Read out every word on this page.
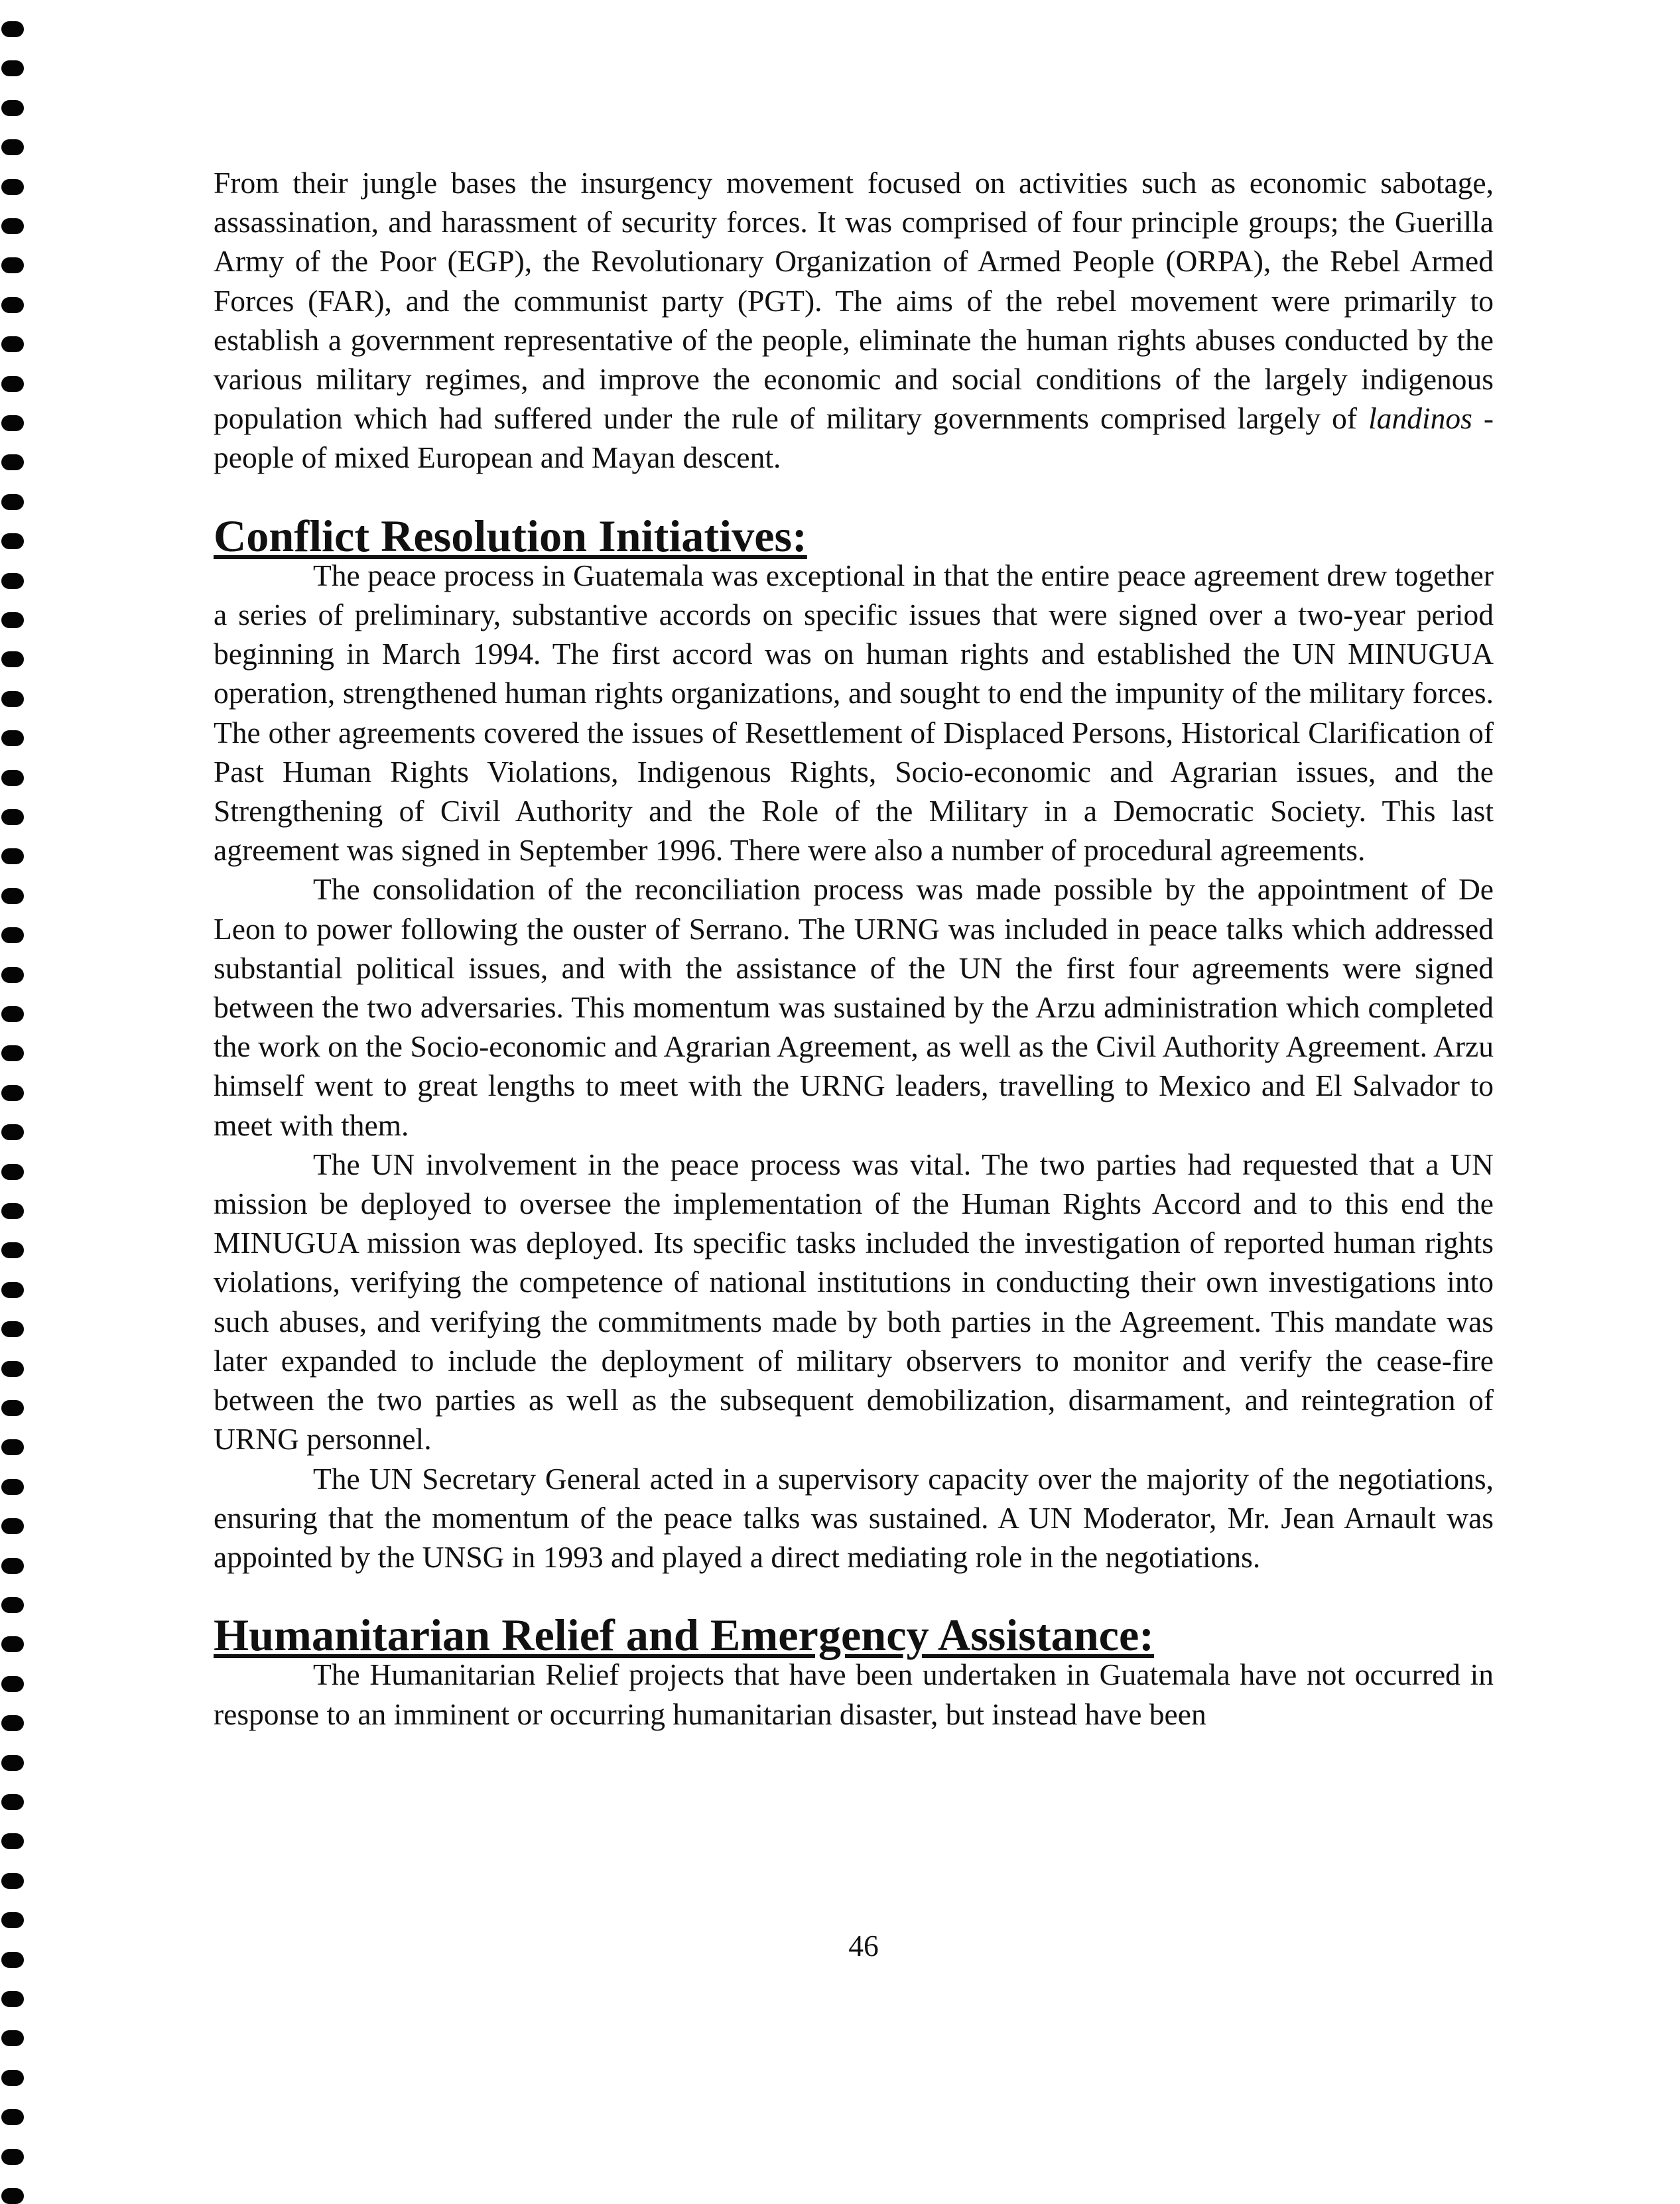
From their jungle bases the insurgency movement focused on activities such as economic sabotage, assassination, and harassment of security forces. It was comprised of four principle groups; the Guerilla Army of the Poor (EGP), the Revolutionary Organization of Armed People (ORPA), the Rebel Armed Forces (FAR), and the communist party (PGT). The aims of the rebel movement were primarily to establish a government representative of the people, eliminate the human rights abuses conducted by the various military regimes, and improve the economic and social conditions of the largely indigenous population which had suffered under the rule of military governments comprised largely of landinos - people of mixed European and Mayan descent.

Conflict Resolution Initiatives:

The peace process in Guatemala was exceptional in that the entire peace agreement drew together a series of preliminary, substantive accords on specific issues that were signed over a two-year period beginning in March 1994. The first accord was on human rights and established the UN MINUGUA operation, strengthened human rights organizations, and sought to end the impunity of the military forces. The other agreements covered the issues of Resettlement of Displaced Persons, Historical Clarification of Past Human Rights Violations, Indigenous Rights, Socio-economic and Agrarian issues, and the Strengthening of Civil Authority and the Role of the Military in a Democratic Society. This last agreement was signed in September 1996. There were also a number of procedural agreements.

The consolidation of the reconciliation process was made possible by the appointment of De Leon to power following the ouster of Serrano. The URNG was included in peace talks which addressed substantial political issues, and with the assistance of the UN the first four agreements were signed between the two adversaries. This momentum was sustained by the Arzu administration which completed the work on the Socio-economic and Agrarian Agreement, as well as the Civil Authority Agreement. Arzu himself went to great lengths to meet with the URNG leaders, travelling to Mexico and El Salvador to meet with them.

The UN involvement in the peace process was vital. The two parties had requested that a UN mission be deployed to oversee the implementation of the Human Rights Accord and to this end the MINUGUA mission was deployed. Its specific tasks included the investigation of reported human rights violations, verifying the competence of national institutions in conducting their own investigations into such abuses, and verifying the commitments made by both parties in the Agreement. This mandate was later expanded to include the deployment of military observers to monitor and verify the cease-fire between the two parties as well as the subsequent demobilization, disarmament, and reintegration of URNG personnel.

The UN Secretary General acted in a supervisory capacity over the majority of the negotiations, ensuring that the momentum of the peace talks was sustained. A UN Moderator, Mr. Jean Arnault was appointed by the UNSG in 1993 and played a direct mediating role in the negotiations.

Humanitarian Relief and Emergency Assistance:

The Humanitarian Relief projects that have been undertaken in Guatemala have not occurred in response to an imminent or occurring humanitarian disaster, but instead have been

46
